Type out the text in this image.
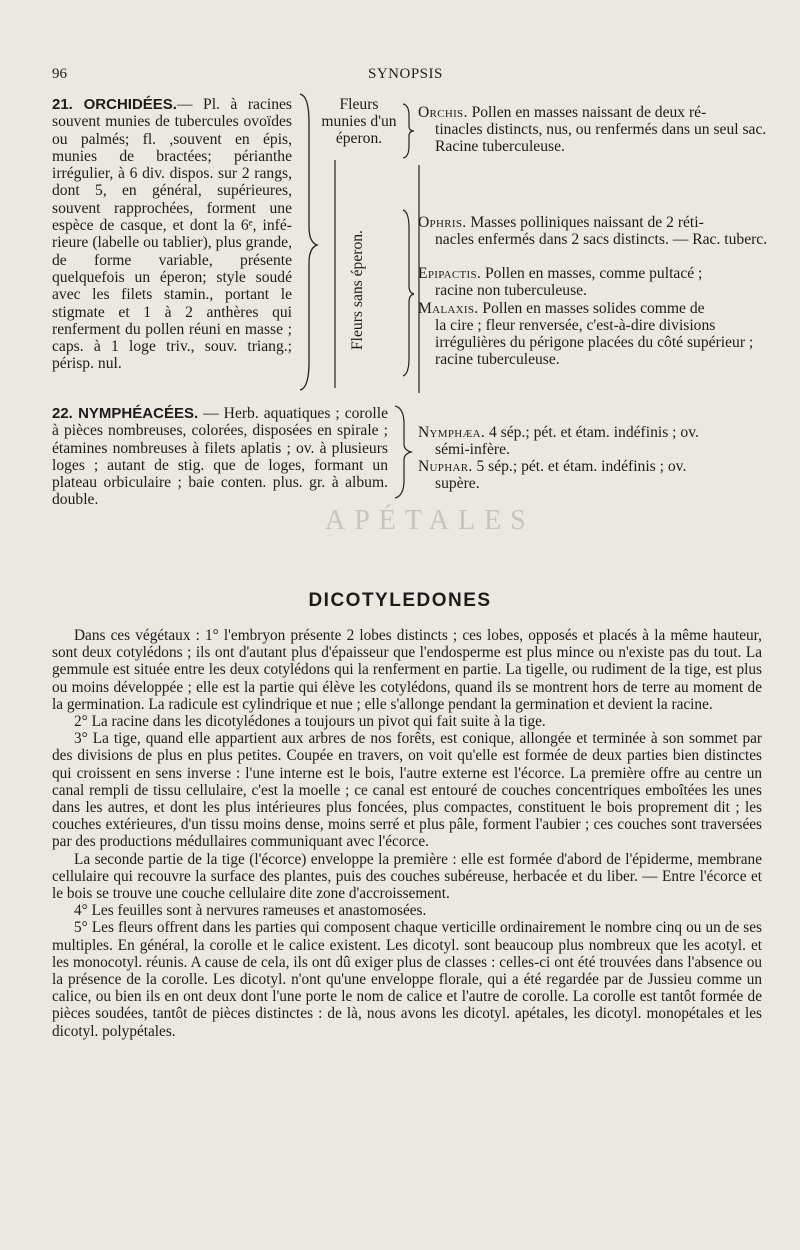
96	SYNOPSIS
21. ORCHIDÉES.— Pl. à racines souvent munies de tubercules ovoïdes ou palmés; fl. ,souvent en épis, munies de bractées; périanthe irrégulier, à 6 div. dispos. sur 2 rangs, dont 5, en général, supérieures, souvent rapprochées, forment une espèce de casque, et dont la 6ᵉ, inférieure (labelle ou tablier), plus grande, de forme variable, présente quelquefois un éperon; style soudé avec les filets stamin., portant le stigmate et 1 à 2 anthères qui renferment du pollen réuni en masse ; caps. à 1 loge triv., souv. triang.; périsp. nul.
Fleurs munies d'un éperon.
Fleurs sans éperon.
Orchis. Pollen en masses naissant de deux ré-
tinacles distincts, nus, ou renfermés dans un seul sac. Racine tuberculeuse.
Ophris. Masses polliniques naissant de 2 réti-
nacles enfermés dans 2 sacs distincts. — Rac. tuberc.
Epipactis. Pollen en masses, comme pultacé ;
racine non tuberculeuse.
Malaxis. Pollen en masses solides comme de
la cire ; fleur renversée, c'est-à-dire divisions irrégulières du périgone placées du côté supérieur ; racine tuberculeuse.
22. NYMPHÉACÉES. — Herb. aquatiques ; corolle à pièces nombreuses, colorées, disposées en spirale ; étamines nombreuses à filets aplatis ; ov. à plusieurs loges ; autant de stig. que de loges, formant un plateau orbiculaire ; baie conten. plus. gr. à album. double.
Nymphæa. 4 sép.; pét. et étam. indéfinis ; ov.
sémi-infère.
Nuphar. 5 sép.; pét. et étam. indéfinis ; ov.
supère.
APÉTALES
DICOTYLEDONES

Dans ces végétaux : 1° l'embryon présente 2 lobes distincts ; ces lobes, opposés et placés à la même hauteur, sont deux cotylédons ; ils ont d'autant plus d'épaisseur que l'endosperme est plus mince ou n'existe pas du tout. La gemmule est située entre les deux cotylédons qui la renferment en partie. La tigelle, ou rudiment de la tige, est plus ou moins développée ; elle est la partie qui élève les cotylédons, quand ils se montrent hors de terre au moment de la germination. La radicule est cylindrique et nue ; elle s'allonge pendant la germination et devient la racine.

2° La racine dans les dicotylédones a toujours un pivot qui fait suite à la tige.

3° La tige, quand elle appartient aux arbres de nos forêts, est conique, allongée et terminée à son sommet par des divisions de plus en plus petites. Coupée en travers, on voit qu'elle est formée de deux parties bien distinctes qui croissent en sens inverse : l'une interne est le bois, l'autre externe est l'écorce. La première offre au centre un canal rempli de tissu cellulaire, c'est la moelle ; ce canal est entouré de couches concentriques emboîtées les unes dans les autres, et dont les plus intérieures plus foncées, plus compactes, constituent le bois proprement dit ; les couches extérieures, d'un tissu moins dense, moins serré et plus pâle, forment l'aubier ; ces couches sont traversées par des productions médullaires communiquant avec l'écorce.

La seconde partie de la tige (l'écorce) enveloppe la première : elle est formée d'abord de l'épiderme, membrane cellulaire qui recouvre la surface des plantes, puis des couches subéreuse, herbacée et du liber. — Entre l'écorce et le bois se trouve une couche cellulaire dite zone d'accroissement.

4° Les feuilles sont à nervures rameuses et anastomosées.

5° Les fleurs offrent dans les parties qui composent chaque verticille ordinairement le nombre cinq ou un de ses multiples. En général, la corolle et le calice existent. Les dicotyl. sont beaucoup plus nombreux que les acotyl. et les monocotyl. réunis. A cause de cela, ils ont dû exiger plus de classes : celles-ci ont été trouvées dans l'absence ou la présence de la corolle. Les dicotyl. n'ont qu'une enveloppe florale, qui a été regardée par de Jussieu comme un calice, ou bien ils en ont deux dont l'une porte le nom de calice et l'autre de corolle. La corolle est tantôt formée de pièces soudées, tantôt de pièces distinctes : de là, nous avons les dicotyl. apétales, les dicotyl. monopétales et les dicotyl. polypétales.
